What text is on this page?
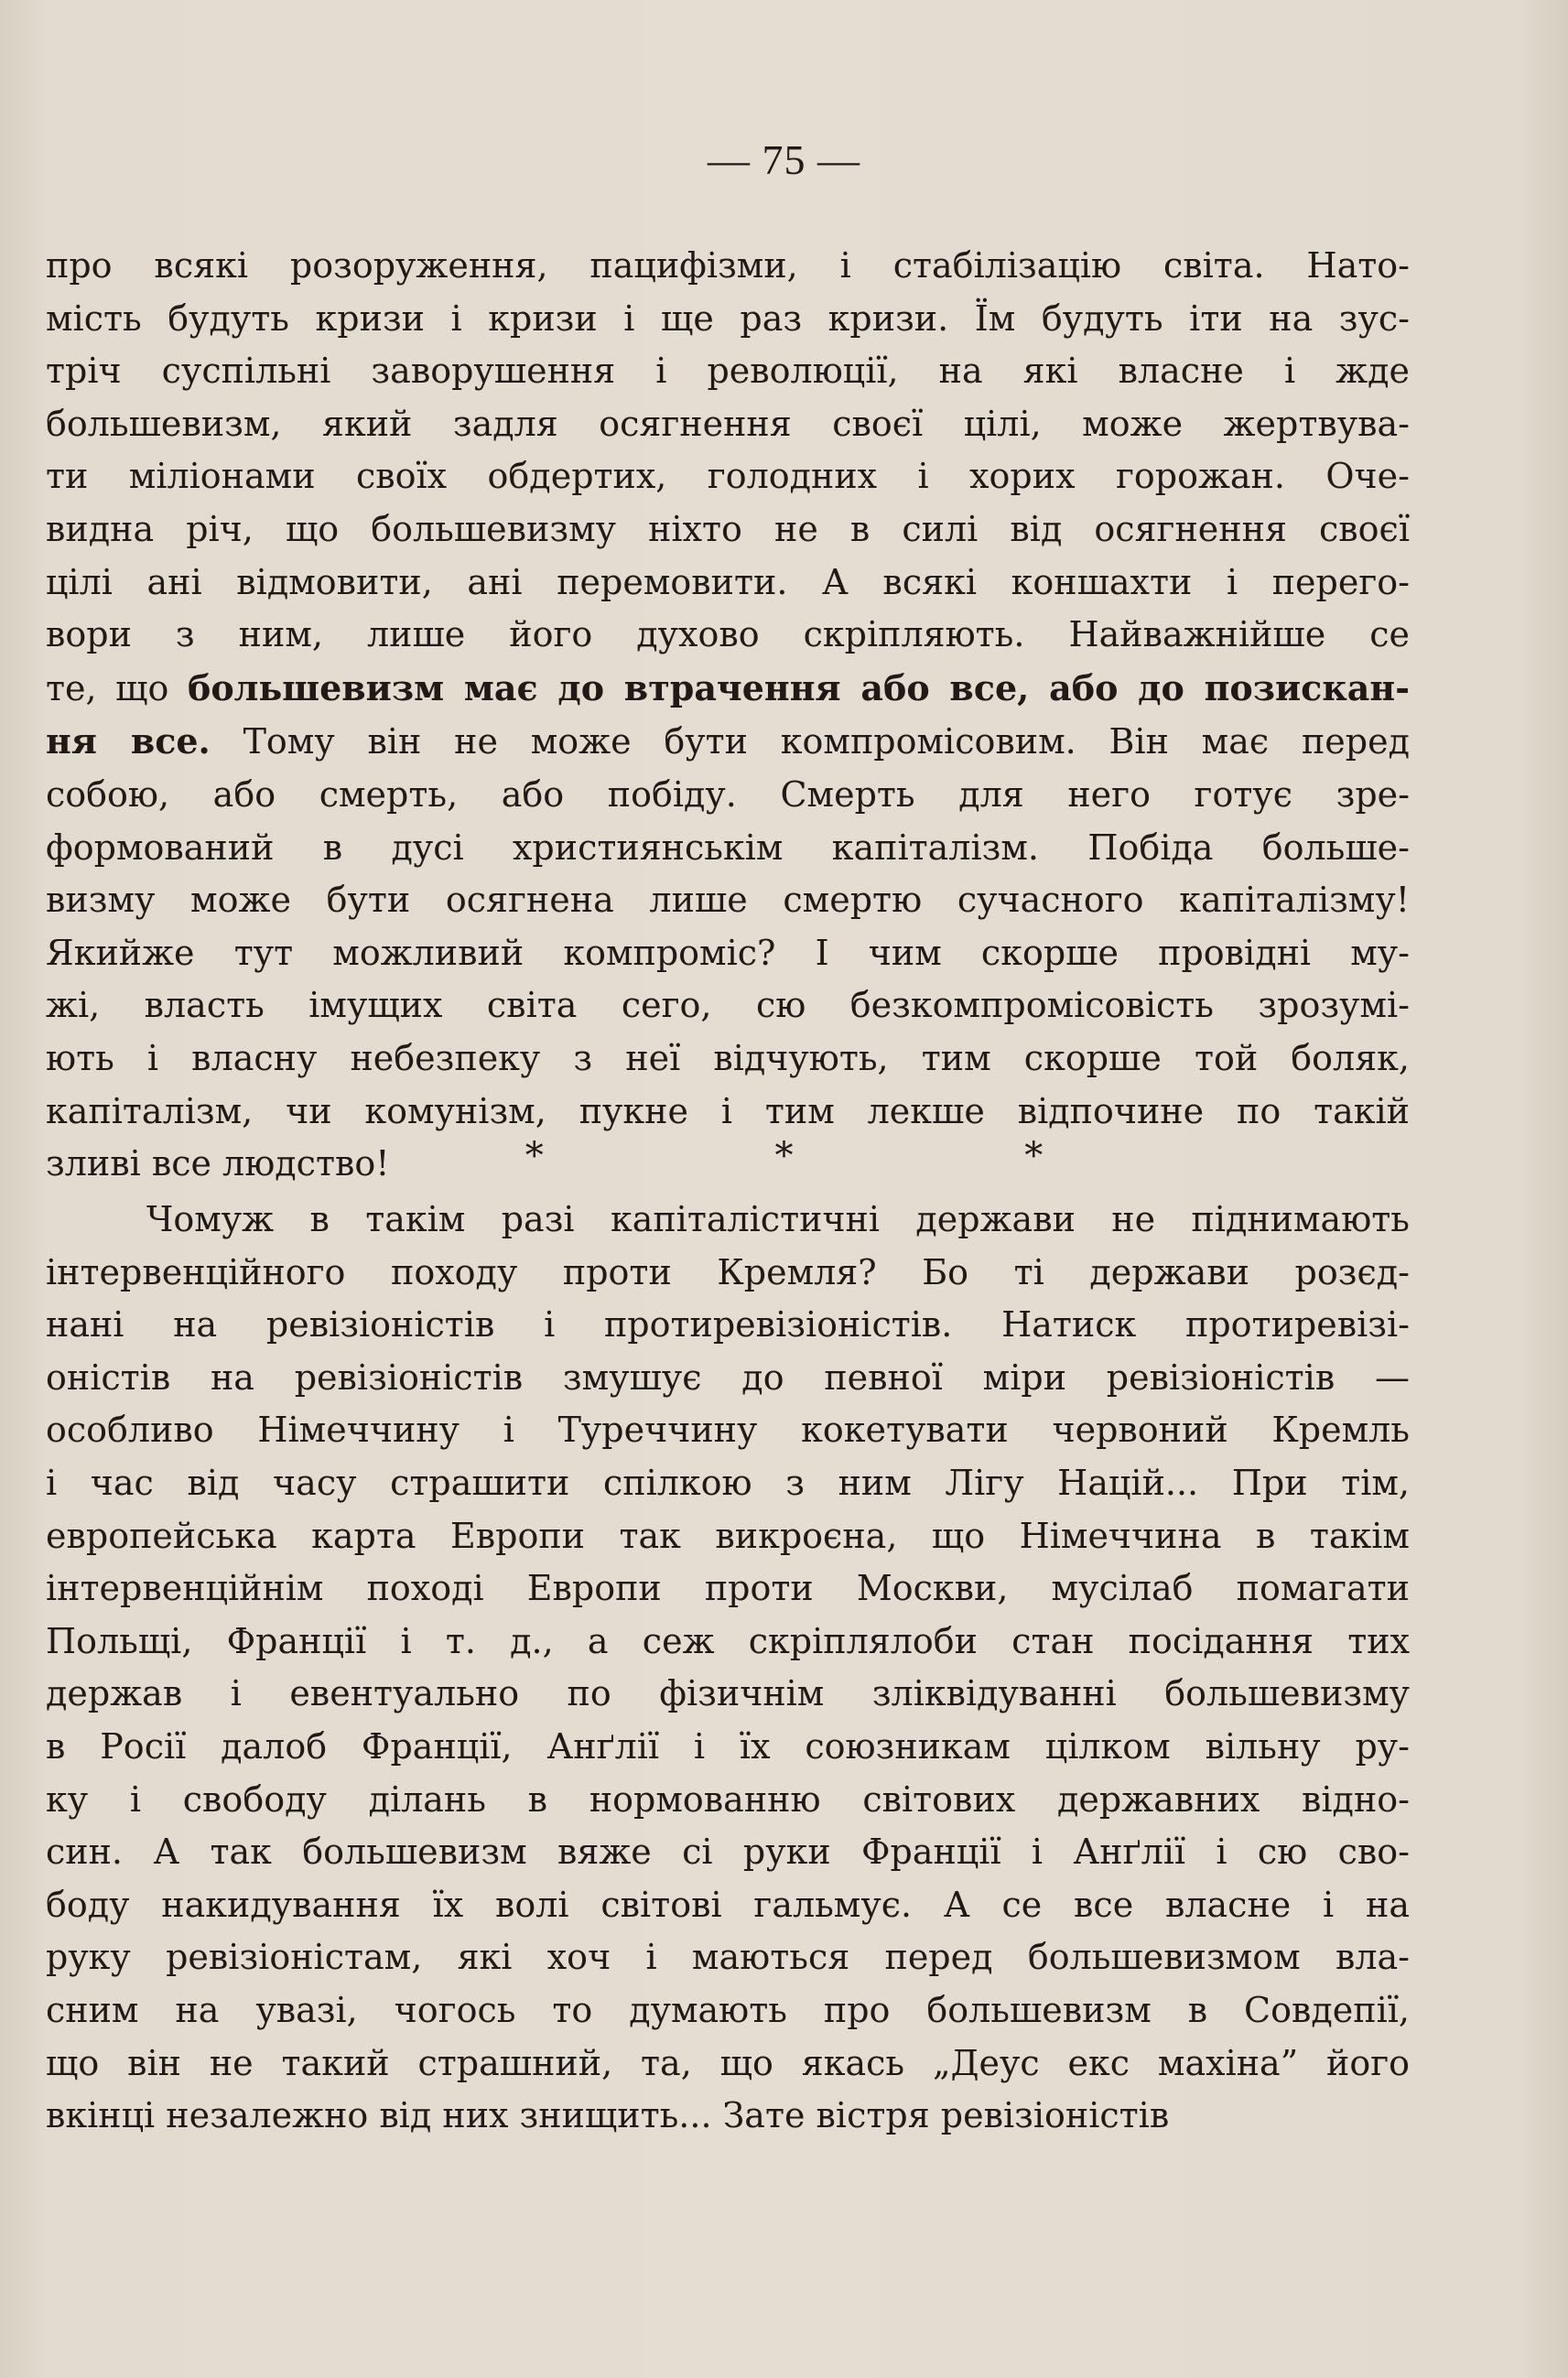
— 75 —
про всякі розоруження, пацифізми, і стабілізацію світа. Нато-
мість будуть кризи і кризи і ще раз кризи. Їм будуть іти на зус-
тріч суспільні заворушення і революції, на які власне і жде
большевизм, який задля осягнення своєї цілі, може жертвува-
ти міліонами своїх обдертих, голодних і хорих горожан. Оче-
видна річ, що большевизму ніхто не в силі від осягнення своєї
цілі ані відмовити, ані перемовити. А всякі коншахти і перего-
вори з ним, лише його духово скріпляють. Найважнійше се
те, що большевизм має до втрачення або все, або до позискан-
ня все. Тому він не може бути компромісовим. Він має перед
собою, або смерть, або побіду. Смерть для него готує зре-
формований в дусі християнськім капіталізм. Побіда больше-
визму може бути осягнена лише смертю сучасного капіталізму!
Якийже тут можливий компроміс? І чим скорше провідні му-
жі, власть імущих світа сего, сю безкомпромісовість зрозумі-
ють і власну небезпеку з неї відчують, тим скорше той боляк,
капіталізм, чи комунізм, пукне і тим лекше відпочине по такій
зливі все людство!	* * *
Чомуж в такім разі капіталістичні держави не піднимають
інтервенційного походу проти Кремля? Бо ті держави розєд-
нані на ревізіоністів і протиревізіоністів. Натиск протиревізі-
оністів на ревізіоністів змушує до певної міри ревізіоністів —
особливо Німеччину і Туреччину кокетувати червоний Кремль
і час від часу страшити спілкою з ним Лігу Націй... При тім,
европейська карта Европи так викроєна, що Німеччина в такім
інтервенційнім поході Европи проти Москви, мусілаб помагати
Польщі, Франції і т. д., а сеж скріплялоби стан посідання тих
держав і евентуально по фізичнім зліквідуванні большевизму
в Росії далоб Франції, Анґлії і їх союзникам цілком вільну ру-
ку і свободу ділань в нормованню світових державних відно-
син. А так большевизм вяже сі руки Франції і Анґлії і сю сво-
боду накидування їх волі світові гальмує. А се все власне і на
руку ревізіоністам, які хоч і маються перед большевизмом вла-
сним на увазі, чогось то думають про большевизм в Совдепії,
що він не такий страшний, та, що якась „Деус екс махіна” його
вкінці незалежно від них знищить... Зате вістря ревізіоністів
